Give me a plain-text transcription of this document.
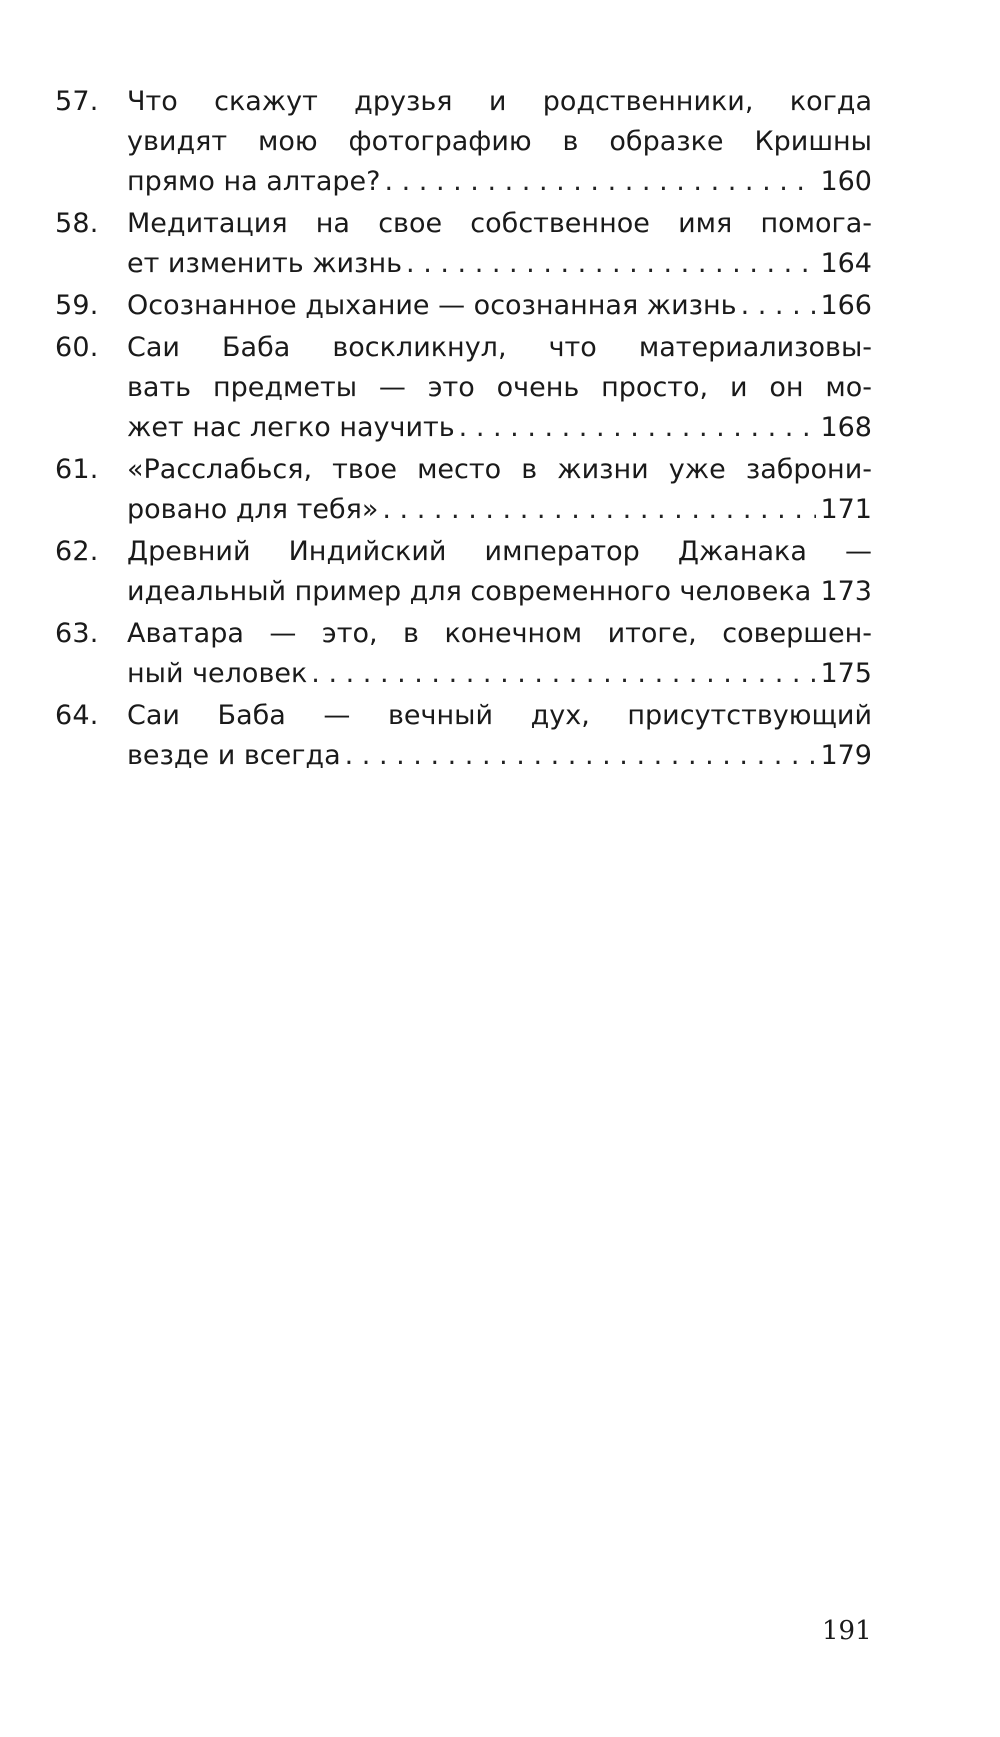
57. Что скажут друзья и родственники, когда
увидят мою фотографию в образке Кришны
прямо на алтаре? . . .	160
58. Медитация на свое собственное имя помога-
ет изменить жизнь . . .	164
59. Осознанное дыхание — осознанная жизнь . . .	166
60. Саи Баба воскликнул, что материализовы-
вать предметы — это очень просто, и он мо-
жет нас легко научить . . .	168
61. «Расслабься, твое место в жизни уже заброни-
ровано для тебя» . . .	171
62. Древний Индийский император Джанака —
идеальный пример для современного человека . . . 173
63. Аватара — это, в конечном итоге, совершен-
ный человек . . .	175
64. Саи Баба — вечный дух, присутствующий
везде и всегда . . .	179
191
